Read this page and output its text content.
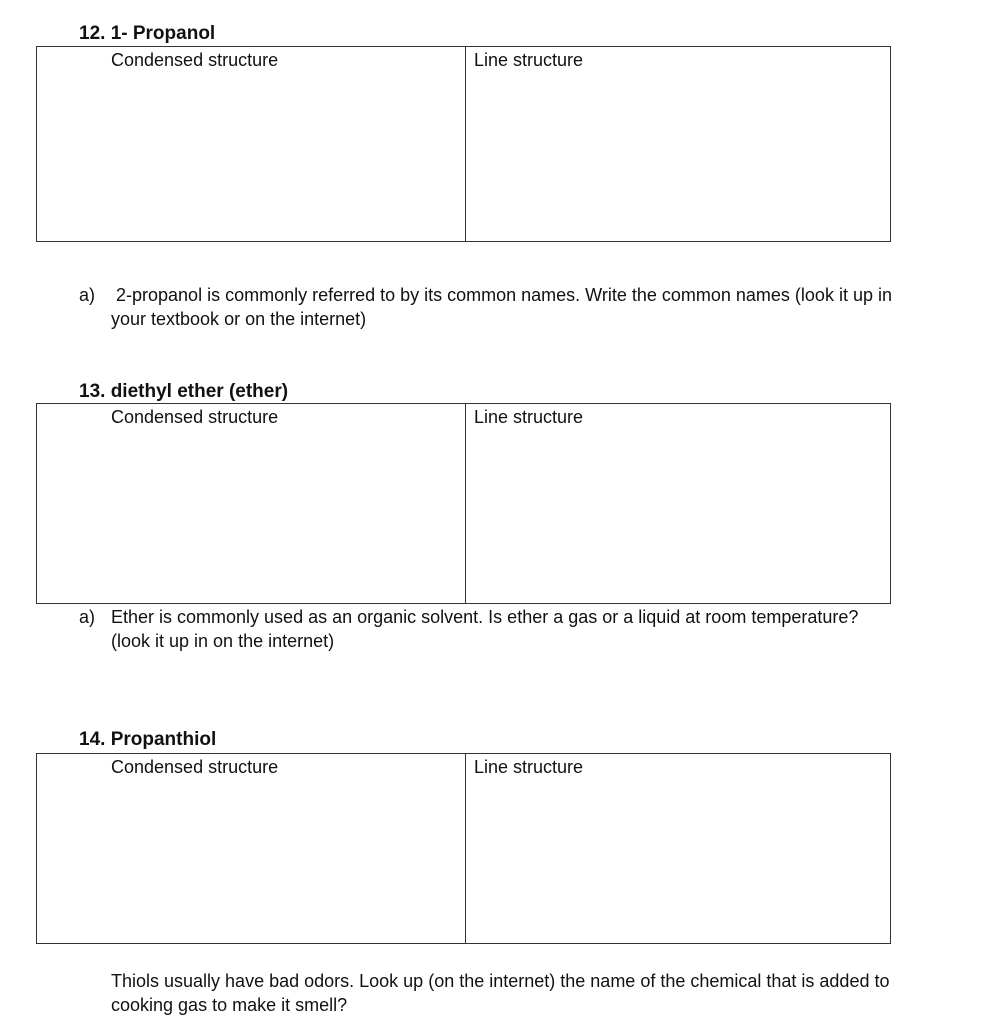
12. 1- Propanol
Condensed structure	Line structure
a) 2-propanol is commonly referred to by its common names. Write the common names (look it up in
your textbook or on the internet)
13. diethyl ether (ether)
Condensed structure	Line structure
a) Ether is commonly used as an organic solvent. Is ether a gas or a liquid at room temperature?
(look it up in on the internet)
14. Propanthiol
Condensed structure	Line structure
Thiols usually have bad odors. Look up (on the internet) the name of the chemical that is added to
cooking gas to make it smell?
